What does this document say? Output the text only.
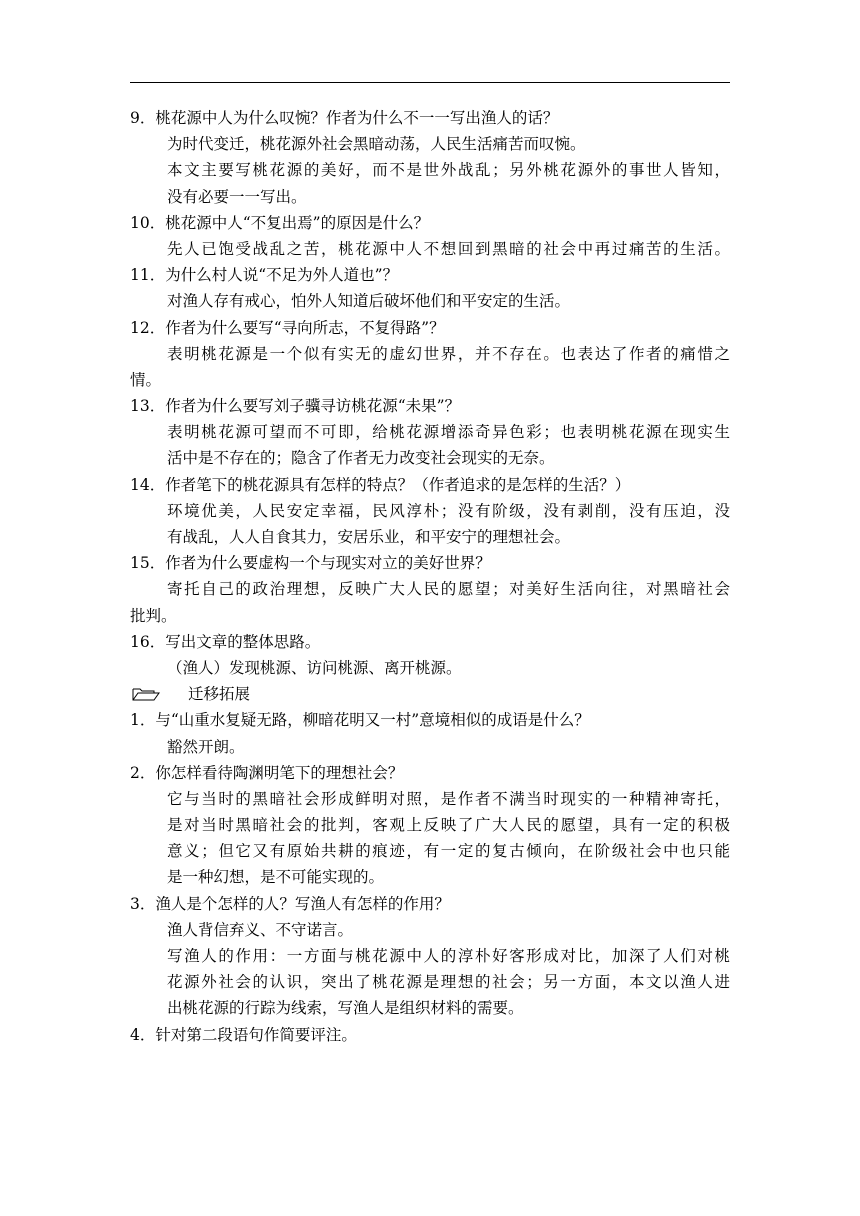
9．桃花源中人为什么叹惋？作者为什么不一一写出渔人的话？
为时代变迁，桃花源外社会黑暗动荡，人民生活痛苦而叹惋。
本文主要写桃花源的美好，而不是世外战乱；另外桃花源外的事世人皆知，
没有必要一一写出。
10．桃花源中人“不复出焉”的原因是什么？
先人已饱受战乱之苦，桃花源中人不想回到黑暗的社会中再过痛苦的生活。
11．为什么村人说“不足为外人道也”？
对渔人存有戒心，怕外人知道后破坏他们和平安定的生活。
12．作者为什么要写“寻向所志，不复得路”？
表明桃花源是一个似有实无的虚幻世界，并不存在。也表达了作者的痛惜之
情。
13．作者为什么要写刘子骥寻访桃花源“未果”？
表明桃花源可望而不可即，给桃花源增添奇异色彩；也表明桃花源在现实生
活中是不存在的；隐含了作者无力改变社会现实的无奈。
14．作者笔下的桃花源具有怎样的特点？（作者追求的是怎样的生活？）
环境优美，人民安定幸福，民风淳朴；没有阶级，没有剥削，没有压迫，没
有战乱，人人自食其力，安居乐业，和平安宁的理想社会。
15．作者为什么要虚构一个与现实对立的美好世界？
寄托自己的政治理想，反映广大人民的愿望；对美好生活向往，对黑暗社会
批判。
16．写出文章的整体思路。
（渔人）发现桃源、访问桃源、离开桃源。
迁移拓展
1．与“山重水复疑无路，柳暗花明又一村”意境相似的成语是什么？
豁然开朗。
2．你怎样看待陶渊明笔下的理想社会？
它与当时的黑暗社会形成鲜明对照，是作者不满当时现实的一种精神寄托，
是对当时黑暗社会的批判，客观上反映了广大人民的愿望，具有一定的积极
意义；但它又有原始共耕的痕迹，有一定的复古倾向，在阶级社会中也只能
是一种幻想，是不可能实现的。
3．渔人是个怎样的人？写渔人有怎样的作用？
渔人背信弃义、不守诺言。
写渔人的作用：一方面与桃花源中人的淳朴好客形成对比，加深了人们对桃
花源外社会的认识，突出了桃花源是理想的社会；另一方面，本文以渔人进
出桃花源的行踪为线索，写渔人是组织材料的需要。
4．针对第二段语句作简要评注。
